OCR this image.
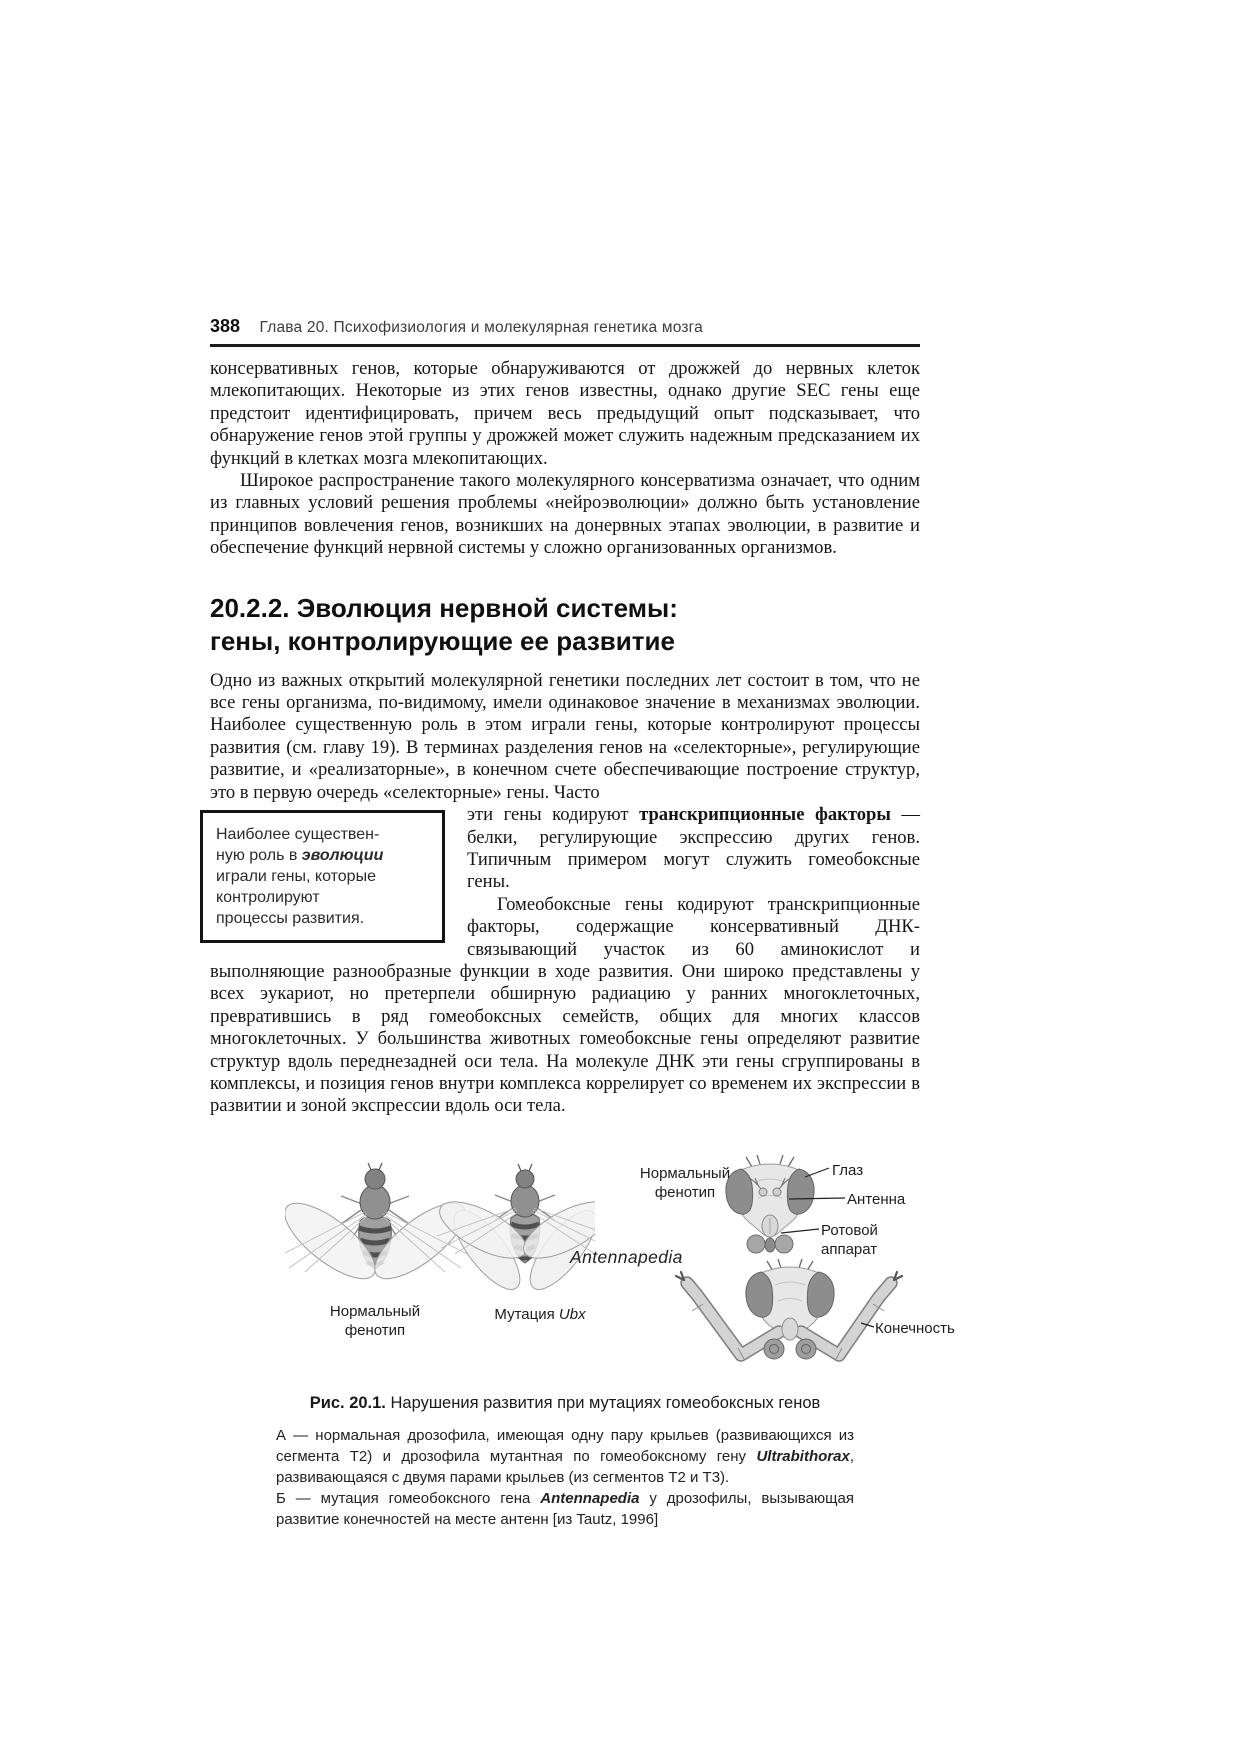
388 Глава 20. Психофизиология и молекулярная генетика мозга
консервативных генов, которые обнаруживаются от дрожжей до нервных клеток млекопитающих. Некоторые из этих генов известны, однако другие SEC гены еще предстоит идентифицировать, причем весь предыдущий опыт подсказывает, что обнаружение генов этой группы у дрожжей может служить надежным предсказанием их функций в клетках мозга млекопитающих.
Широкое распространение такого молекулярного консерватизма означает, что одним из главных условий решения проблемы «нейроэволюции» должно быть установление принципов вовлечения генов, возникших на донервных этапах эволюции, в развитие и обеспечение функций нервной системы у сложно организованных организмов.
20.2.2. Эволюция нервной системы:
гены, контролирующие ее развитие
Одно из важных открытий молекулярной генетики последних лет состоит в том, что не все гены организма, по-видимому, имели одинаковое значение в механизмах эволюции. Наиболее существенную роль в этом играли гены, которые контролируют процессы развития (см. главу 19). В терминах разделения генов на «селекторные», регулирующие развитие, и «реализаторные», в конечном счете обеспечивающие построение структур, это в первую очередь «селекторные» гены. Часто
Наиболее существен-
ную роль в эволюции
играли гены, которые
контролируют
процессы развития.
эти гены кодируют транскрипционные факторы — белки, регулирующие экспрессию других генов. Типичным примером могут служить гомеобоксные гены.
Гомеобоксные гены кодируют транскрипционные факторы, содержащие консервативный ДНК-связывающий участок из 60 аминокислот и выполняющие разнообразные функции в ходе развития. Они широко представлены у всех эукариот, но претерпели обширную радиацию у ранних многоклеточных, превратившись в ряд гомеобоксных семейств, общих для многих классов многоклеточных. У большинства животных гомеобоксные гены определяют развитие структур вдоль переднезадней оси тела. На молекуле ДНК эти гены сгруппированы в комплексы, и позиция генов внутри комплекса коррелирует со временем их экспрессии в развитии и зоной экспрессии вдоль оси тела.
Нормальный фенотип
Мутация Ubx
Нормальный фенотип
Глаз
Антенна
Ротовой аппарат
Antennapedia
Конечность
Рис. 20.1. Нарушения развития при мутациях гомеобоксных генов
А — нормальная дрозофила, имеющая одну пару крыльев (развивающихся из сегмента Т2) и дрозофила мутантная по гомеобоксному гену Ultrabithorax, развивающаяся с двумя парами крыльев (из сегментов Т2 и Т3).
Б — мутация гомеобоксного гена Antennapedia у дрозофилы, вызывающая развитие конечностей на месте антенн [из Tautz, 1996]
